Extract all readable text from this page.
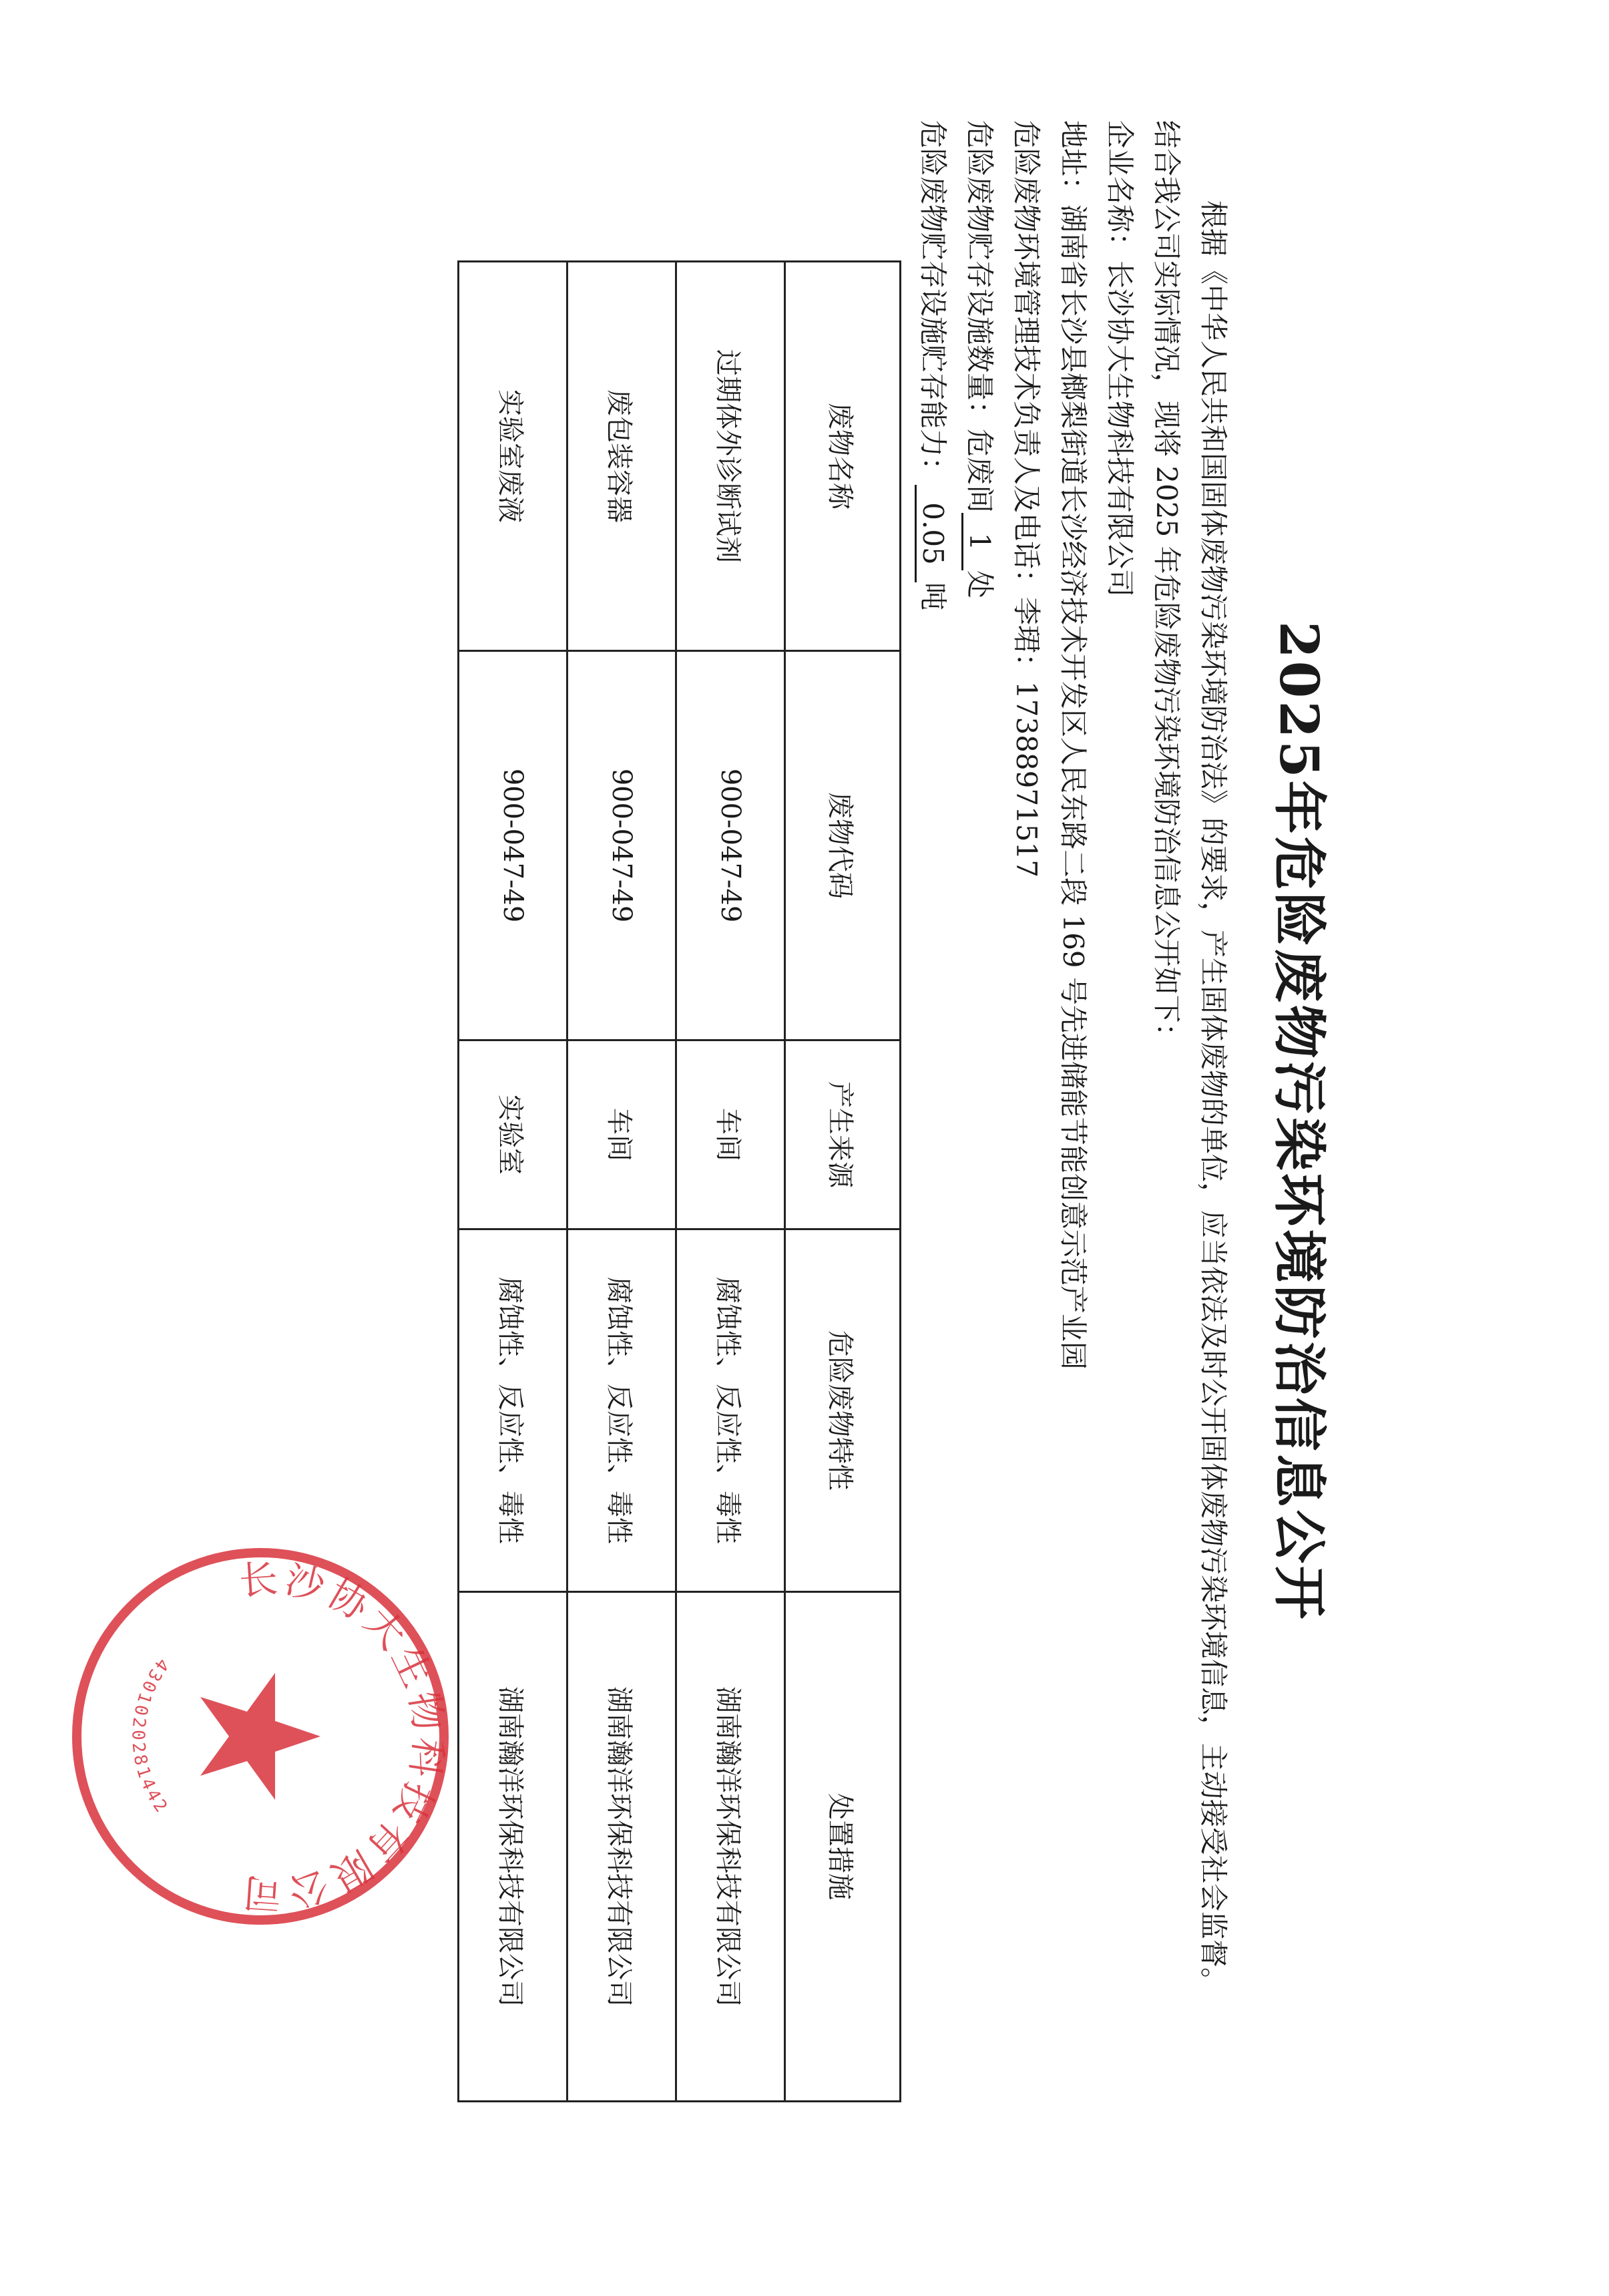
2025年危险废物污染环境防治信息公开
根据《中华人民共和国固体废物污染环境防治法》的要求，产生固体废物的单位，应当依法及时公开固体废物污染环境信息，主动接受社会监督。
结合我公司实际情况，现将 2025 年危险废物污染环境防治信息公开如下：
企业名称：长沙协大生物科技有限公司
地址：湖南省长沙县榔梨街道长沙经济技术开发区人民东路二段 169 号先进储能节能创意示范产业园
危险废物环境管理技术负责人及电话：李珺：17388971517
危险废物贮存设施数量：危废间1处
危险废物贮存设施贮存能力：0.05吨
废物名称	废物代码	产生来源	危险废物特性	处置措施
过期体外诊断试剂	900-047-49	车间	腐蚀性、反应性、毒性	湖南瀚洋环保科技有限公司
废包装容器	900-047-49	车间	腐蚀性、反应性、毒性	湖南瀚洋环保科技有限公司
实验室废液	900-047-49	实验室	腐蚀性、反应性、毒性	湖南瀚洋环保科技有限公司
长沙协大生物科技有限公司
4301020281442
